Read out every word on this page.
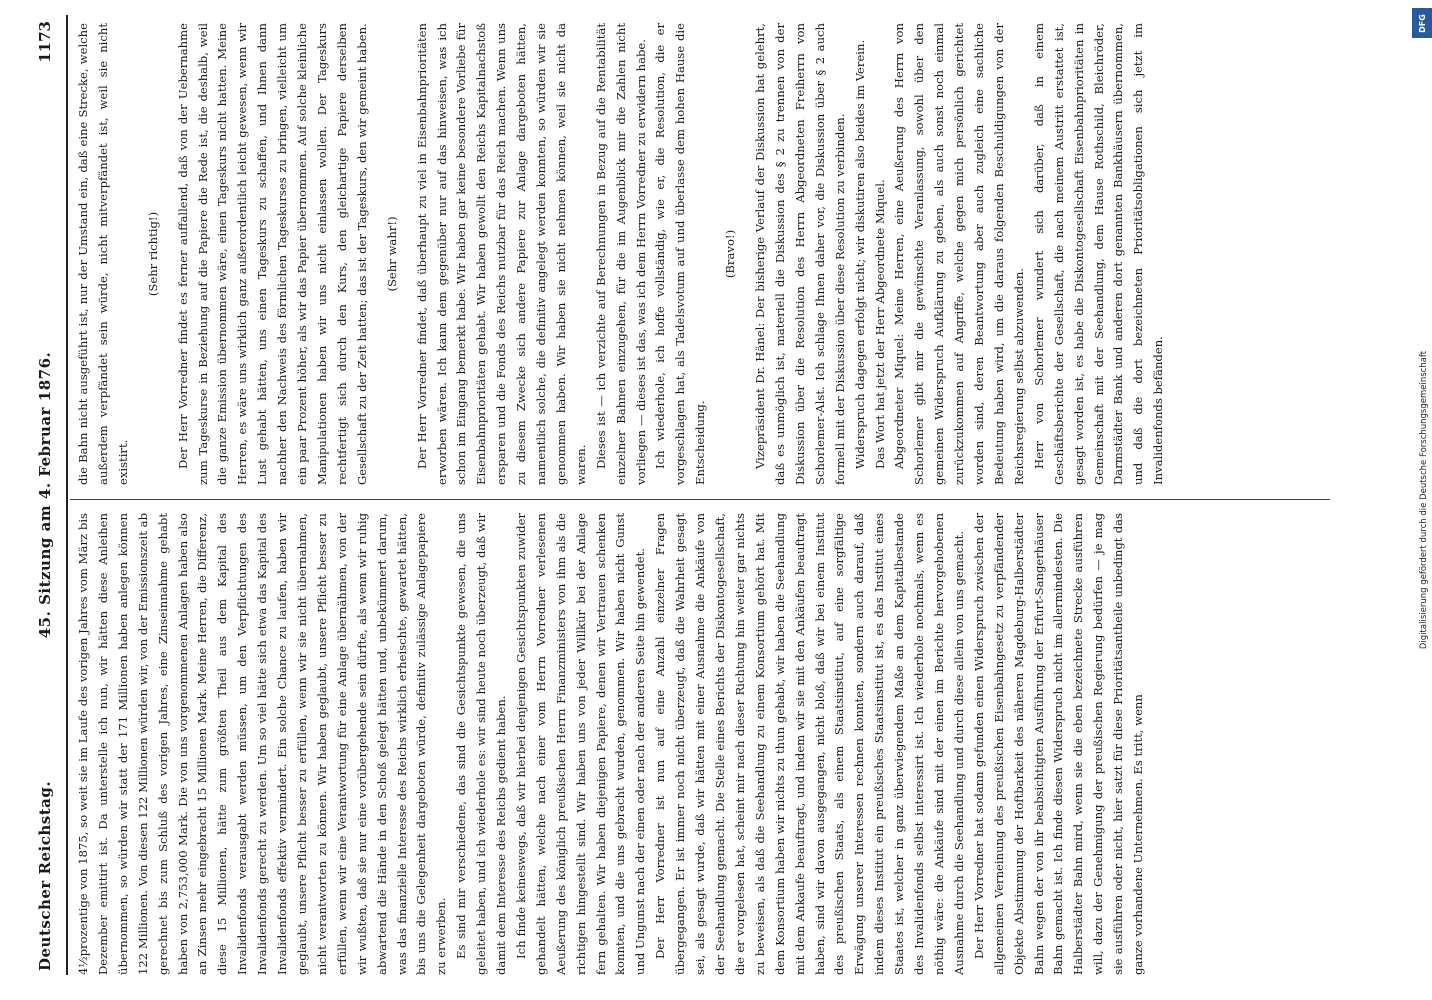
Deutscher Reichstag.
45. Sitzung am 4. Februar 1876.
1173

4½prozentige von 1875, so weit sie im Laufe des vorigen Jahres vom März bis Dezember emittirt ist. Da unterstelle ich nun, wir hätten diese Anleihen übernommen, so würden wir statt der 171 Millionen haben anlegen können 122 Millionen. Von diesen 122 Millionen würden wir, von der Emissionszeit ab gerechnet bis zum Schluß des vorigen Jahres, eine Zinseinnahme gehabt haben von 2,753,000 Mark. Die von uns vorgenommenen Anlagen haben also an Zinsen mehr eingebracht 15 Millionen Mark. Meine Herren, die Differenz, diese 15 Millionen, hätte zum größten Theil aus dem Kapital des Invalidenfonds verausgabt werden müssen, um den Verpflichtungen des Invalidenfonds gerecht zu werden. Um so viel hätte sich etwa das Kapital des Invalidenfonds effektiv vermindert. Ein solche Chance zu laufen, haben wir geglaubt, unsere Pflicht besser zu erfüllen, wenn wir sie nicht übernahmen, nicht verantworten zu können. Wir haben geglaubt, unsere Pflicht besser zu erfüllen, wenn wir eine Verantwortung für eine Anlage übernähmen, von der wir wußten, daß sie nur eine vorübergehende sein dürfte, als wenn wir ruhig abwartend die Hände in den Schoß gelegt hätten und, unbekümmert darum, was das finanzielle Interesse des Reichs wirklich erheischte, gewartet hätten, bis uns die Gelegenheit dargeboten würde, definitiv zulässige Anlagepapiere zu erwerben. Es sind mir verschiedene, das sind die Gesichtspunkte gewesen, die uns geleitet haben, und ich wiederhole es: wir sind heute noch überzeugt, daß wir damit dem Interesse des Reichs gedient haben. Ich finde keineswegs, daß wir hierbei denjenigen Gesichtspunkten zuwider gehandelt hätten, welche nach einer vom Herrn Vorredner verlesenen Aeußerung des königlich preußischen Herrn Finanzministers von ihm als die richtigen hingestellt sind. Wir haben uns von jeder Willkür bei der Anlage fern gehalten. Wir haben diejenigen Papiere, denen wir Vertrauen schenken konnten, und die uns gebracht wurden, genommen. Wir haben nicht Gunst und Ungunst nach der einen oder nach der anderen Seite hin gewendet. Der Herr Vorredner ist nun auf eine Anzahl einzelner Fragen übergegangen. Er ist immer noch nicht überzeugt, daß die Wahrheit gesagt sei, als gesagt wurde, daß wir hätten mit einer Ausnahme die Ankäufe von der Seehandlung gemacht. Die Stelle eines Berichts der Diskontogesellschaft, die er vorgelesen hat, scheint mir nach dieser Richtung hin weiter gar nichts zu beweisen, als daß die Seehandlung zu einem Konsortium gehört hat. Mit dem Konsortium haben wir nichts zu thun gehabt, wir haben die Seehandlung mit dem Ankaufe beauftragt, und indem wir sie mit den Ankäufen beauftragt haben, sind wir davon ausgegangen, nicht bloß, daß wir bei einem Institut des preußischen Staats, als einem Staatsinstitut, auf eine sorgfältige Erwägung unserer Interessen rechnen konnten, sondern auch darauf, daß indem dieses Institut ein preußisches Staatsinstitut ist, es das Institut eines Staates ist, welcher in ganz überwiegendem Maße an dem Kapitalbestande des Invalidenfonds selbst interessirt ist. Ich wiederhole nochmals, wenn es nöthig wäre: die Ankäufe sind mit der einen im Berichte hervorgehobenen Ausnahme durch die Seehandlung und durch diese allein von uns gemacht. Der Herr Vorredner hat sodann gefunden einen Widerspruch zwischen der allgemeinen Verneinung des preußischen Eisenbahngesetz zu verpfändender Objekte Abstimmung der Hoftbarkeit des näheren Magdeburg-Halberstädter Bahn wegen der von ihr beabsichtigten Ausführung der Erfurt-Sangerhäuser Bahn gemacht ist. Ich finde diesen Widerspruch nicht im allermindesten. Die Halberstädter Bahn mird, wenn sie die eben bezeichnete Strecke ausführen will, dazu der Genehmigung der preußischen Regierung bedürfen — je mag sie ausführen oder nicht, hier satzt für diese Prioritätsantheile unbedingt das ganze vorhandene Unternehmen. Es tritt, wenn

die Bahn nicht ausgeführt ist, nur der Umstand ein, daß eine Strecke, welche außerdem verpfändet sein würde, nicht mitverpfändet ist, weil sie nicht existirt.

(Sehr richtig!)	Der Herr Vorredner findet es ferner auffallend, daß von der Uebernahme zum Tageskurse in Beziehung auf die Papiere die Rede ist, die deshalb, weil die ganze Emission übernommen wäre, einen Tageskurs nicht hatten. Meine Herren, es wäre uns wirklich ganz außerordentlich leicht gewesen, wenn wir Lust gehabt hätten, uns einen Tageskurs zu schaffen, und Ihnen dann nachher den Nachweis des förmlichen Tageskurses zu bringen, vielleicht um ein paar Prozent höher, als wir das Papier übernommen. Auf solche kleinliche Manipulationen haben wir uns nicht einlassen wollen. Der Tageskurs rechtfertigt sich durch den Kurs, den gleichartige Papiere derselben Gesellschaft zu der Zeit hatten; das ist der Tageskurs, den wir gemeint haben.	(Sehr wahr!)	Der Herr Vorredner findet, daß überhaupt zu viel in Eisenbahnprioritäten erworben wären. Ich kann dem gegenüber nur auf das hinweisen, was ich schon im Eingang bemerkt habe. Wir haben gar keine besondere Vorliebe für Eisenbahnprioritäten gehabt. Wir haben gewollt den Reichs Kapitalnachstoß ersparen und die Fonds des Reichs nutzbar für das Reich machen. Wenn uns zu diesem Zwecke sich andere Papiere zur Anlage dargeboten hätten, namentlich solche, die definitiv angelegt werden konnten, so würden wir sie genommen haben. Wir haben sie nicht nehmen können, weil sie nicht da waren. Dieses ist — ich verzichte auf Berechnungen in Bezug auf die Rentabilität einzelner Bahnen einzugehen, für die im Augenblick mir die Zahlen nicht vorliegen — dieses ist das, was ich dem Herrn Vorredner zu erwidern habe. Ich wiederhole, ich hoffe vollständig, wie er, die Resolution, die er vorgeschlagen hat, als Tadelsvotum auf und überlasse dem hohen Hause die Entscheidung.

(Bravo!)	Vizepräsident Dr. Hänel: Der bisherige Verlauf der Diskussion hat gelehrt, daß es unmöglich ist, materiell die Diskussion des § 2 zu trennen von der Diskussion über die Resolution des Herrn Abgeordneten Freiherrn von Schorlemer-Alst. Ich schlage Ihnen daher vor, die Diskussion über § 2 auch formell mit der Diskussion über diese Resolution zu verbinden. Widerspruch dagegen erfolgt nicht; wir diskutiren also beides im Verein. Das Wort hat jetzt der Herr Abgeordnete Miquel. Abgeordneter Miquel: Meine Herren, eine Aeußerung des Herrn von Schorlemer gibt mir die gewünschte Veranlassung, sowohl über den gemeinen Widerspruch Aufklärung zu geben, als auch sonst noch einmal zurückzukommen auf Angriffe, welche gegen mich persönlich gerichtet worden sind, deren Beantwortung aber auch zugleich eine sachliche Bedeutung haben wird, um die daraus folgenden Beschuldigungen von der Reichsregierung selbst abzuwenden. Herr von Schorlemer wundert sich darüber, daß in einem Geschäftsberichte der Gesellschaft, die nach meinem Austritt erstattet ist, gesagt worden ist, es habe die Diskontogesellschaft Eisenbahnprioritäten in Gemeinschaft mit der Seehandlung, dem Hause Rothschild, Bleichröder, Darmstädter Bank und anderen dort genannten Bankhäusern übernommen, und daß die dort bezeichneten Prioritätsobligationen sich jetzt im Invalidenfonds befänden.

DFG
Digitalisierung gefördert durch die Deutsche Forschungsgemeinschaft
